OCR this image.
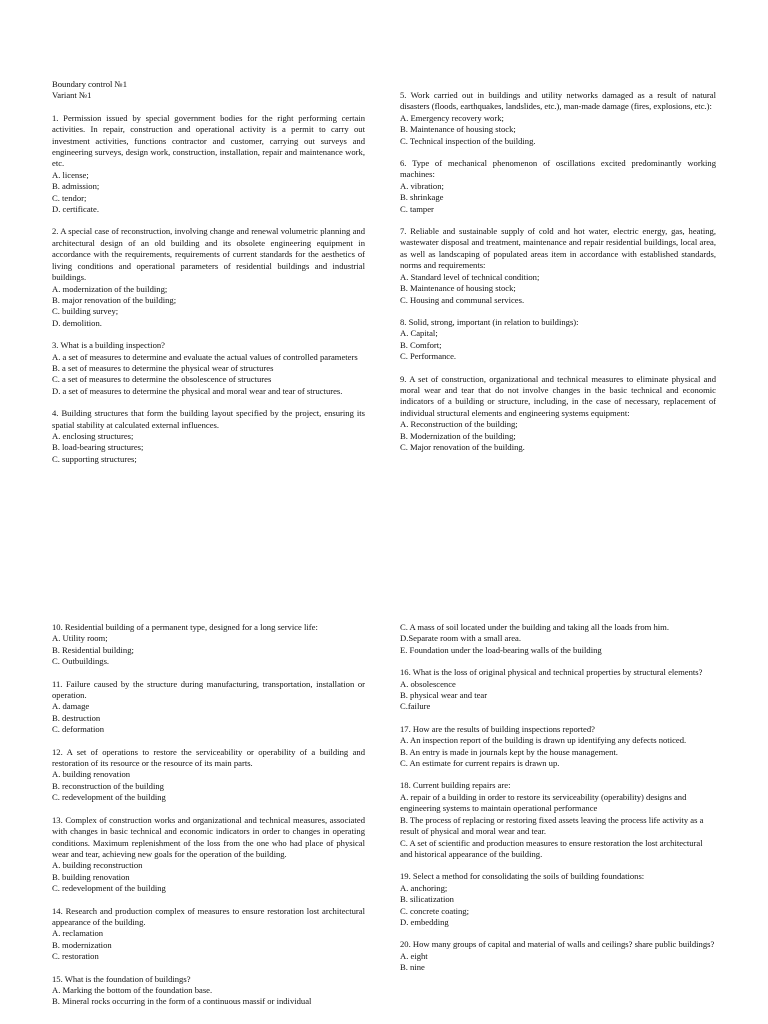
Boundary control №1

Variant №1

1. Permission issued by special government bodies for the right performing certain activities. In repair, construction and operational activity is a permit to carry out investment activities, functions contractor and customer, carrying out surveys and engineering surveys, design work, construction, installation, repair and maintenance work, etc.

A. license;

B. admission;

C. tendor;

D. certificate.

2. A special case of reconstruction, involving change and renewal volumetric planning and architectural design of an old building and its obsolete engineering equipment in accordance with the requirements, requirements of current standards for the aesthetics of living conditions and operational parameters of residential buildings and industrial buildings.

A. modernization of the building;

B. major renovation of the building;

C. building survey;

D. demolition.

3. What is a building inspection?

A. a set of measures to determine and evaluate the actual values of controlled parameters

B. a set of measures to determine the physical wear of structures

C. a set of measures to determine the obsolescence of structures

D. a set of measures to determine the physical and moral wear and tear of structures.

4. Building structures that form the building layout specified by the project, ensuring its spatial stability at calculated external influences.

A. enclosing structures;

B. load-bearing structures;

C. supporting structures;

5. Work carried out in buildings and utility networks damaged as a result of natural disasters (floods, earthquakes, landslides, etc.), man-made damage (fires, explosions, etc.):

A. Emergency recovery work;

B. Maintenance of housing stock;

C. Technical inspection of the building.

6. Type of mechanical phenomenon of oscillations excited predominantly working machines:

A. vibration;

B. shrinkage

C. tamper

7. Reliable and sustainable supply of cold and hot water, electric energy, gas, heating, wastewater disposal and treatment, maintenance and repair residential buildings, local area, as well as landscaping of populated areas item in accordance with established standards, norms and requirements:

A. Standard level of technical condition;

B. Maintenance of housing stock;

C. Housing and communal services.

8. Solid, strong, important (in relation to buildings):

A. Capital;

B. Comfort;

C. Performance.

9. A set of construction, organizational and technical measures to eliminate physical and moral wear and tear that do not involve changes in the basic technical and economic indicators of a building or structure, including, in the case of necessary, replacement of individual structural elements and engineering systems equipment:

A. Reconstruction of the building;

B. Modernization of the building;

C. Major renovation of the building.

10. Residential building of a permanent type, designed for a long service life:

A. Utility room;

B. Residential building;

C. Outbuildings.

11. Failure caused by the structure during manufacturing, transportation, installation or operation.

A. damage

B. destruction

C. deformation

12. A set of operations to restore the serviceability or operability of a building and restoration of its resource or the resource of its main parts.

A. building renovation

B. reconstruction of the building

C. redevelopment of the building

13. Complex of construction works and organizational and technical measures, associated with changes in basic technical and economic indicators in order to changes in operating conditions. Maximum replenishment of the loss from the one who had place of physical wear and tear, achieving new goals for the operation of the building.

A. building reconstruction

B. building renovation

C. redevelopment of the building

14. Research and production complex of measures to ensure restoration lost architectural appearance of the building.

A. reclamation

B. modernization

C. restoration

15. What is the foundation of buildings?

A. Marking the bottom of the foundation base.

B. Mineral rocks occurring in the form of a continuous massif or individual

C. A mass of soil located under the building and taking all the loads from him.

D.Separate room with a small area.

E. Foundation under the load-bearing walls of the building

16. What is the loss of original physical and technical properties by structural elements?

A. obsolescence

B. physical wear and tear

C.failure

17. How are the results of building inspections reported?

A. An inspection report of the building is drawn up identifying any defects noticed.

B. An entry is made in journals kept by the house management.

C. An estimate for current repairs is drawn up.

18. Current building repairs are:

A. repair of a building in order to restore its serviceability (operability) designs and engineering systems to maintain operational performance

B. The process of replacing or restoring fixed assets leaving the process life activity as a result of physical and moral wear and tear.

C. A set of scientific and production measures to ensure restoration the lost architectural and historical appearance of the building.

19. Select a method for consolidating the soils of building foundations:

A. anchoring;

B. silicatization

C. concrete coating;

D. embedding

20. How many groups of capital and material of walls and ceilings? share public buildings?

A. eight

B. nine
